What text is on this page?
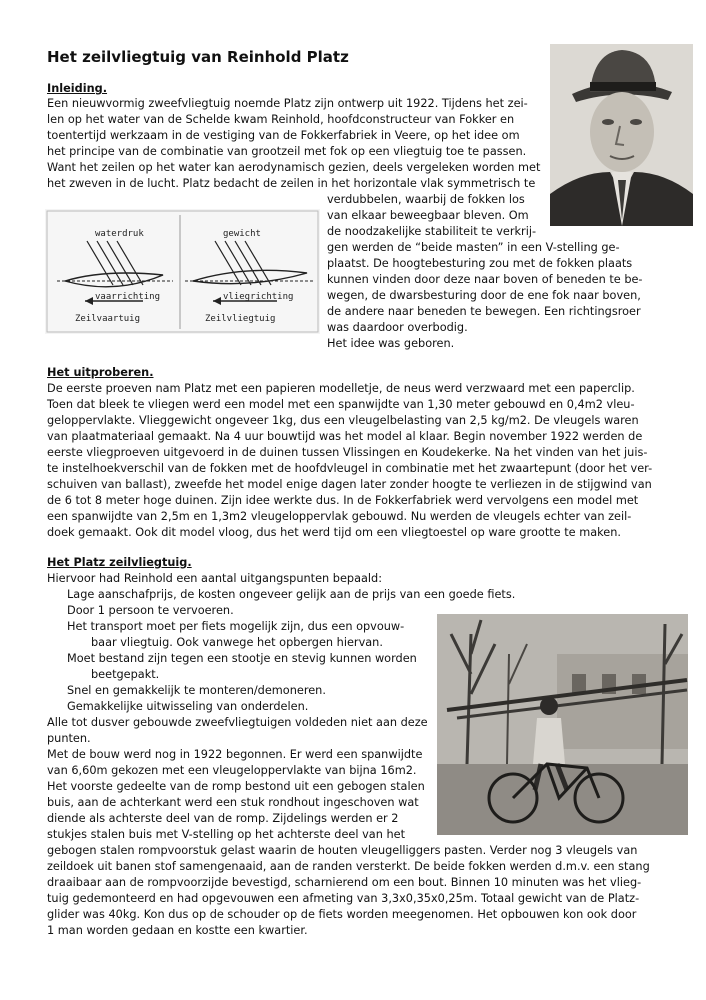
Het zeilvliegtuig van Reinhold Platz
Inleiding.
Een nieuwvormig zweefvliegtuig noemde Platz zijn ontwerp uit 1922. Tijdens het zei-
len op het water van de Schelde kwam Reinhold, hoofdconstructeur van Fokker en
toentertijd werkzaam in de vestiging van de Fokkerfabriek in Veere, op het idee om
het principe van de combinatie van grootzeil met fok op een vliegtuig toe te passen.
Want het zeilen op het water kan aerodynamisch gezien, deels vergeleken worden met
het zweven in de lucht. Platz bedacht de zeilen in het horizontale vlak symmetrisch te
verdubbelen, waarbij de fokken los
van elkaar beweegbaar bleven. Om
de noodzakelijke stabiliteit te verkrij-
gen werden de “beide masten” in een V-stelling ge-
plaatst. De hoogtebesturing zou met de fokken plaats
kunnen vinden door deze naar boven of beneden te be-
wegen, de dwarsbesturing door de ene fok naar boven,
de andere naar beneden te bewegen. Een richtingsroer
was daardoor overbodig.
Het idee was geboren.
waterdruk
vaarrichting
Zeilvaartuig
gewicht
vliegrichting
Zeilvliegtuig
Het uitproberen.
De eerste proeven nam Platz met een papieren modelletje, de neus werd verzwaard met een paperclip.
Toen dat bleek te vliegen werd een model met een spanwijdte van 1,30 meter gebouwd en 0,4m2 vleu-
geloppervlakte. Vlieggewicht ongeveer 1kg, dus een vleugelbelasting van 2,5 kg/m2. De vleugels waren
van plaatmateriaal gemaakt. Na 4 uur bouwtijd was het model al klaar. Begin november 1922 werden de
eerste vliegproeven uitgevoerd in de duinen tussen Vlissingen en Koudekerke. Na het vinden van het juis-
te instelhoekverschil van de fokken met de hoofdvleugel in combinatie met het zwaartepunt (door het ver-
schuiven van ballast), zweefde het model enige dagen later zonder hoogte te verliezen in de stijgwind van
de 6 tot 8 meter hoge duinen. Zijn idee werkte dus. In de Fokkerfabriek werd vervolgens een model met
een spanwijdte van 2,5m en 1,3m2 vleugeloppervlak gebouwd. Nu werden de vleugels echter van zeil-
doek gemaakt. Ook dit model vloog, dus het werd tijd om een vliegtoestel op ware grootte te maken.
Het Platz zeilvliegtuig.
Hiervoor had Reinhold een aantal uitgangspunten bepaald:
Lage aanschafprijs, de kosten ongeveer gelijk aan de prijs van een goede fiets.
Door 1 persoon te vervoeren.
Het transport moet per fiets mogelijk zijn, dus een opvouw-
baar vliegtuig. Ook vanwege het opbergen hiervan.
Moet bestand zijn tegen een stootje en stevig kunnen worden
beetgepakt.
Snel en gemakkelijk te monteren/demoneren.
Gemakkelijke uitwisseling van onderdelen.
Alle tot dusver gebouwde zweefvliegtuigen voldeden niet aan deze
punten.
Met de bouw werd nog in 1922 begonnen. Er werd een spanwijdte
van 6,60m gekozen met een vleugeloppervlakte van bijna 16m2.
Het voorste gedeelte van de romp bestond uit een gebogen stalen
buis, aan de achterkant werd een stuk rondhout ingeschoven wat
diende als achterste deel van de romp. Zijdelings werden er 2
stukjes stalen buis met V-stelling op het achterste deel van het
gebogen stalen rompvoorstuk gelast waarin de houten vleugelliggers pasten. Verder nog 3 vleugels van
zeildoek uit banen stof samengenaaid, aan de randen versterkt. De beide fokken werden d.m.v. een stang
draaibaar aan de rompvoorzijde bevestigd, scharnierend om een bout. Binnen 10 minuten was het vlieg-
tuig gedemonteerd en had opgevouwen een afmeting van 3,3x0,35x0,25m. Totaal gewicht van de Platz-
glider was 40kg. Kon dus op de schouder op de fiets worden meegenomen. Het opbouwen kon ook door
1 man worden gedaan en kostte een kwartier.
